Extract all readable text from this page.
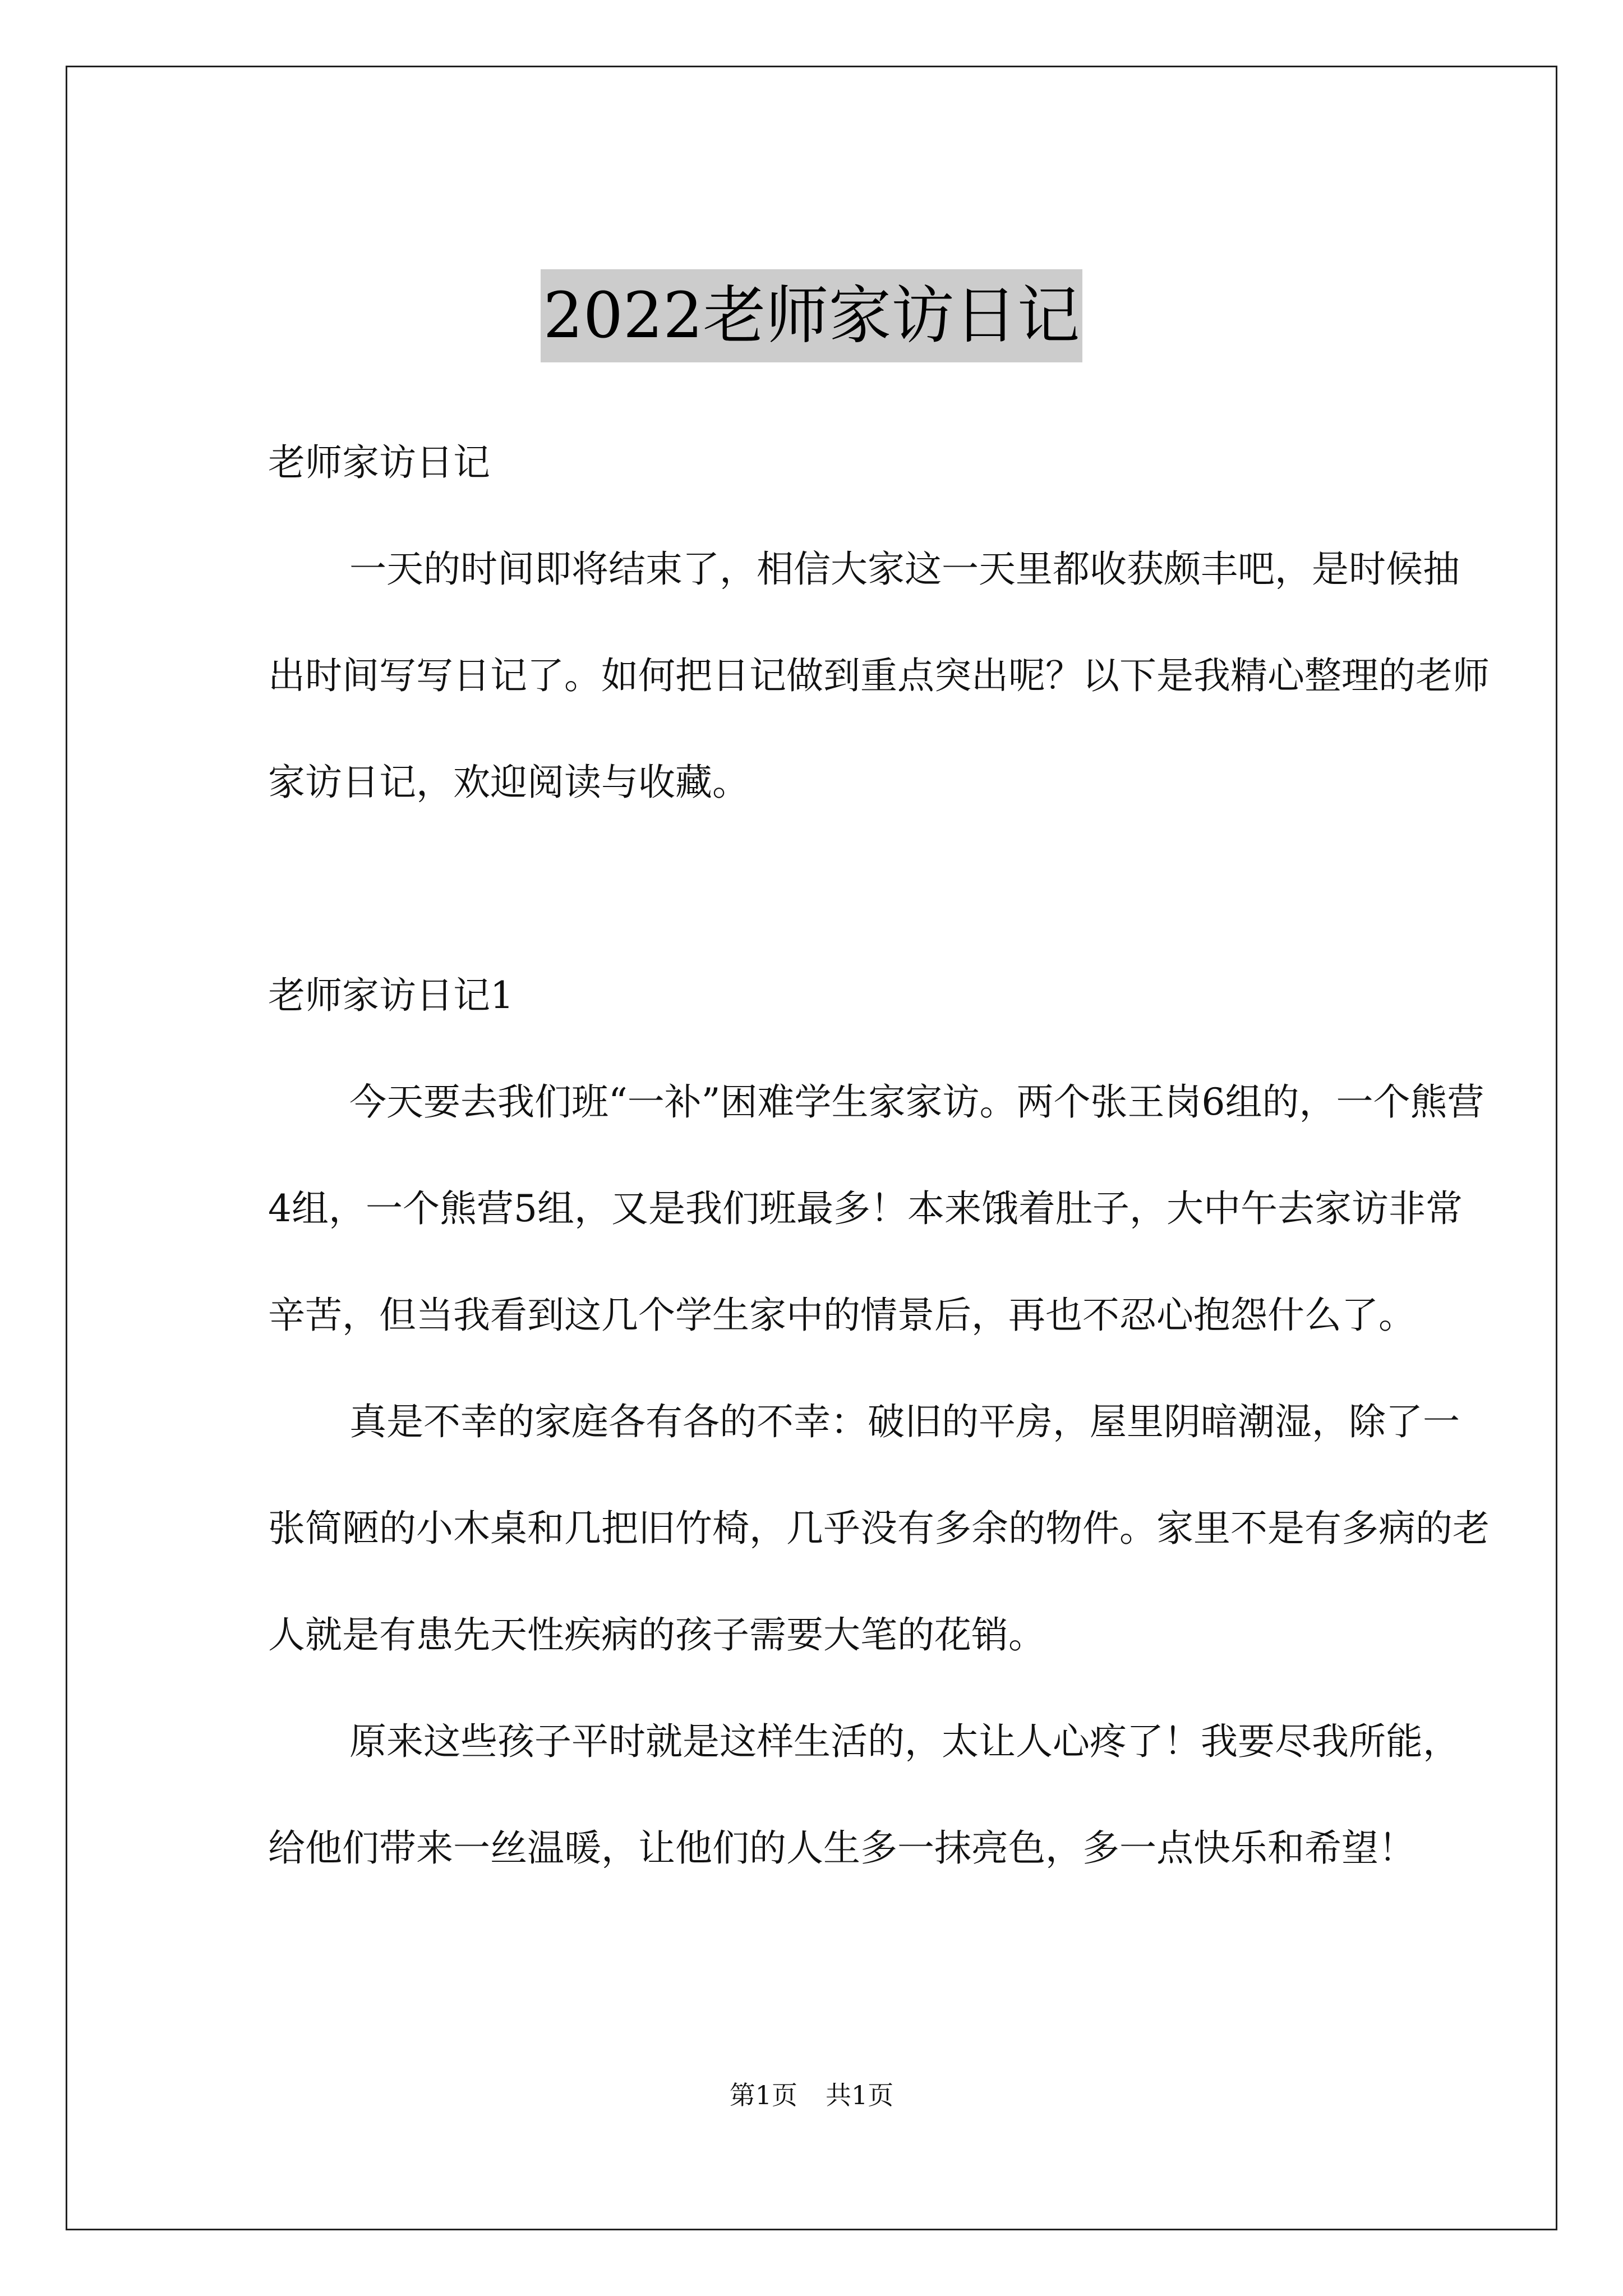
2022老师家访日记

老师家访日记

一天的时间即将结束了，相信大家这一天里都收获颇丰吧，是时候抽出时间写写日记了。如何把日记做到重点突出呢？以下是我精心整理的老师家访日记，欢迎阅读与收藏。

老师家访日记1

今天要去我们班“一补”困难学生家家访。两个张王岗6组的，一个熊营4组，一个熊营5组，又是我们班最多！本来饿着肚子，大中午去家访非常辛苦，但当我看到这几个学生家中的情景后，再也不忍心抱怨什么了。

真是不幸的家庭各有各的不幸：破旧的平房，屋里阴暗潮湿，除了一张简陋的小木桌和几把旧竹椅，几乎没有多余的物件。家里不是有多病的老人就是有患先天性疾病的孩子需要大笔的花销。

原来这些孩子平时就是这样生活的，太让人心疼了！我要尽我所能，给他们带来一丝温暖，让他们的人生多一抹亮色，多一点快乐和希望！

第1页 共1页
